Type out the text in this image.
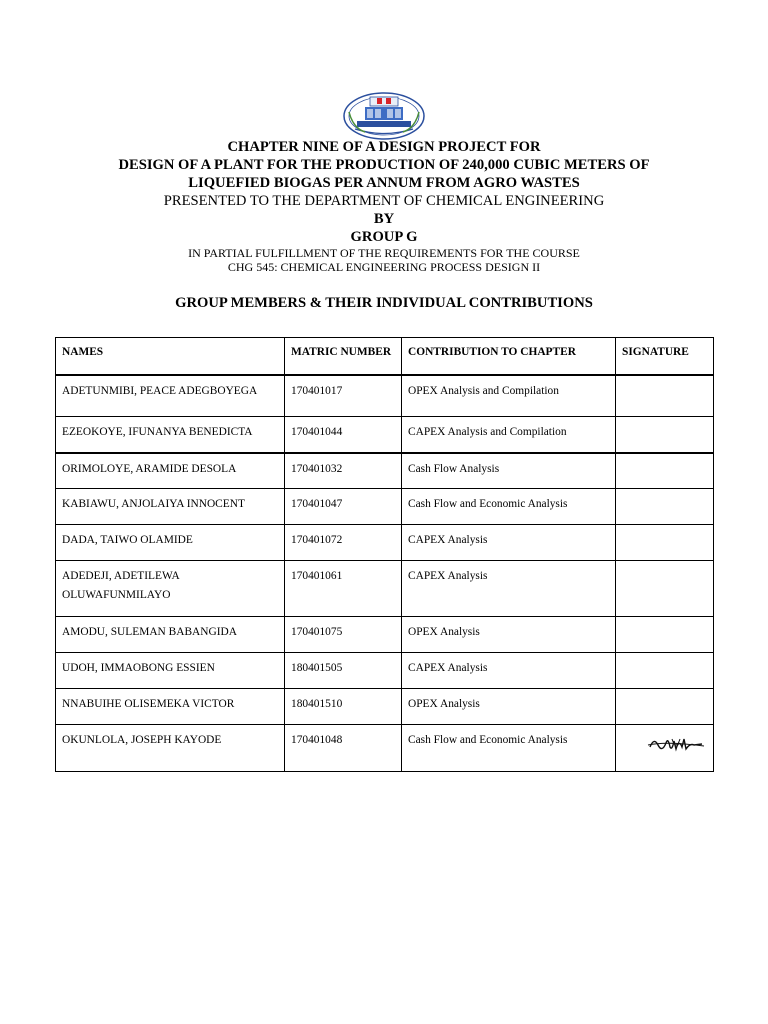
CHAPTER NINE OF A DESIGN PROJECT FOR
DESIGN OF A PLANT FOR THE PRODUCTION OF 240,000 CUBIC METERS OF
LIQUEFIED BIOGAS PER ANNUM FROM AGRO WASTES
PRESENTED TO THE DEPARTMENT OF CHEMICAL ENGINEERING
BY
GROUP G
IN PARTIAL FULFILLMENT OF THE REQUIREMENTS FOR THE COURSE
CHG 545: CHEMICAL ENGINEERING PROCESS DESIGN II
GROUP MEMBERS & THEIR INDIVIDUAL CONTRIBUTIONS
NAMES	MATRIC NUMBER	CONTRIBUTION TO CHAPTER	SIGNATURE
ADETUNMIBI, PEACE ADEGBOYEGA	170401017	OPEX Analysis and Compilation	
EZEOKOYE, IFUNANYA BENEDICTA	170401044	CAPEX Analysis and Compilation	
ORIMOLOYE, ARAMIDE DESOLA	170401032	Cash Flow Analysis	
KABIAWU, ANJOLAIYA INNOCENT	170401047	Cash Flow and Economic Analysis	
DADA, TAIWO OLAMIDE	170401072	CAPEX Analysis	
ADEDEJI, ADETILEWA OLUWAFUNMILAYO	170401061	CAPEX Analysis	
AMODU, SULEMAN BABANGIDA	170401075	OPEX Analysis	
UDOH, IMMAOBONG ESSIEN	180401505	CAPEX Analysis	
NNABUIHE OLISEMEKA VICTOR	180401510	OPEX Analysis	
OKUNLOLA, JOSEPH KAYODE	170401048	Cash Flow and Economic Analysis	
